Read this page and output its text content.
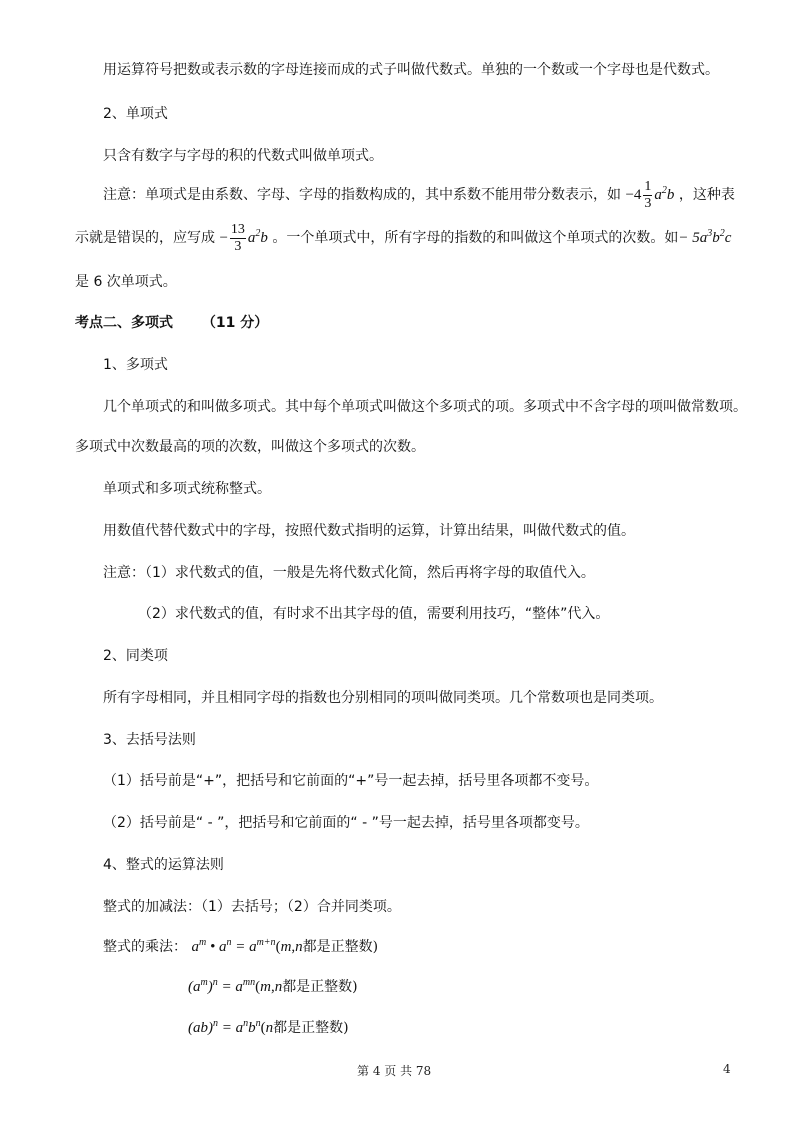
用运算符号把数或表示数的字母连接而成的式子叫做代数式。单独的一个数或一个字母也是代数式。
2、单项式
只含有数字与字母的积的代数式叫做单项式。
注意：单项式是由系数、字母、字母的指数构成的，其中系数不能用带分数表示，如 $-4 \frac{1}{3} a^2b$ ，这种表
示就是错误的，应写成 − $\frac{13}{3} a^2b$ 。一个单项式中，所有字母的指数的和叫做这个单项式的次数。如− $5a^3b^2c$
是 6 次单项式。
考点二、多项式 （11 分）
1、多项式
几个单项式的和叫做多项式。其中每个单项式叫做这个多项式的项。多项式中不含字母的项叫做常数项。
多项式中次数最高的项的次数，叫做这个多项式的次数。
单项式和多项式统称整式。
用数值代替代数式中的字母，按照代数式指明的运算，计算出结果，叫做代数式的值。
注意：（1）求代数式的值，一般是先将代数式化简，然后再将字母的取值代入。
（2）求代数式的值，有时求不出其字母的值，需要利用技巧，“整体”代入。
2、同类项
所有字母相同，并且相同字母的指数也分别相同的项叫做同类项。几个常数项也是同类项。
3、去括号法则
（1）括号前是“+”，把括号和它前面的“+”号一起去掉，括号里各项都不变号。
（2）括号前是“ - ”，把括号和它前面的“ - ”号一起去掉，括号里各项都变号。
4、整式的运算法则
整式的加减法：（1）去括号；（2）合并同类项。
整式的乘法： $a^m$ • $a^n = a^{m+n}(m,n$都是正整数)
$(a^m)^n = a^{mn}(m,n$都是正整数)
$(ab)^n = a^nb^n(n$都是正整数)
第 4 页 共 78	4
